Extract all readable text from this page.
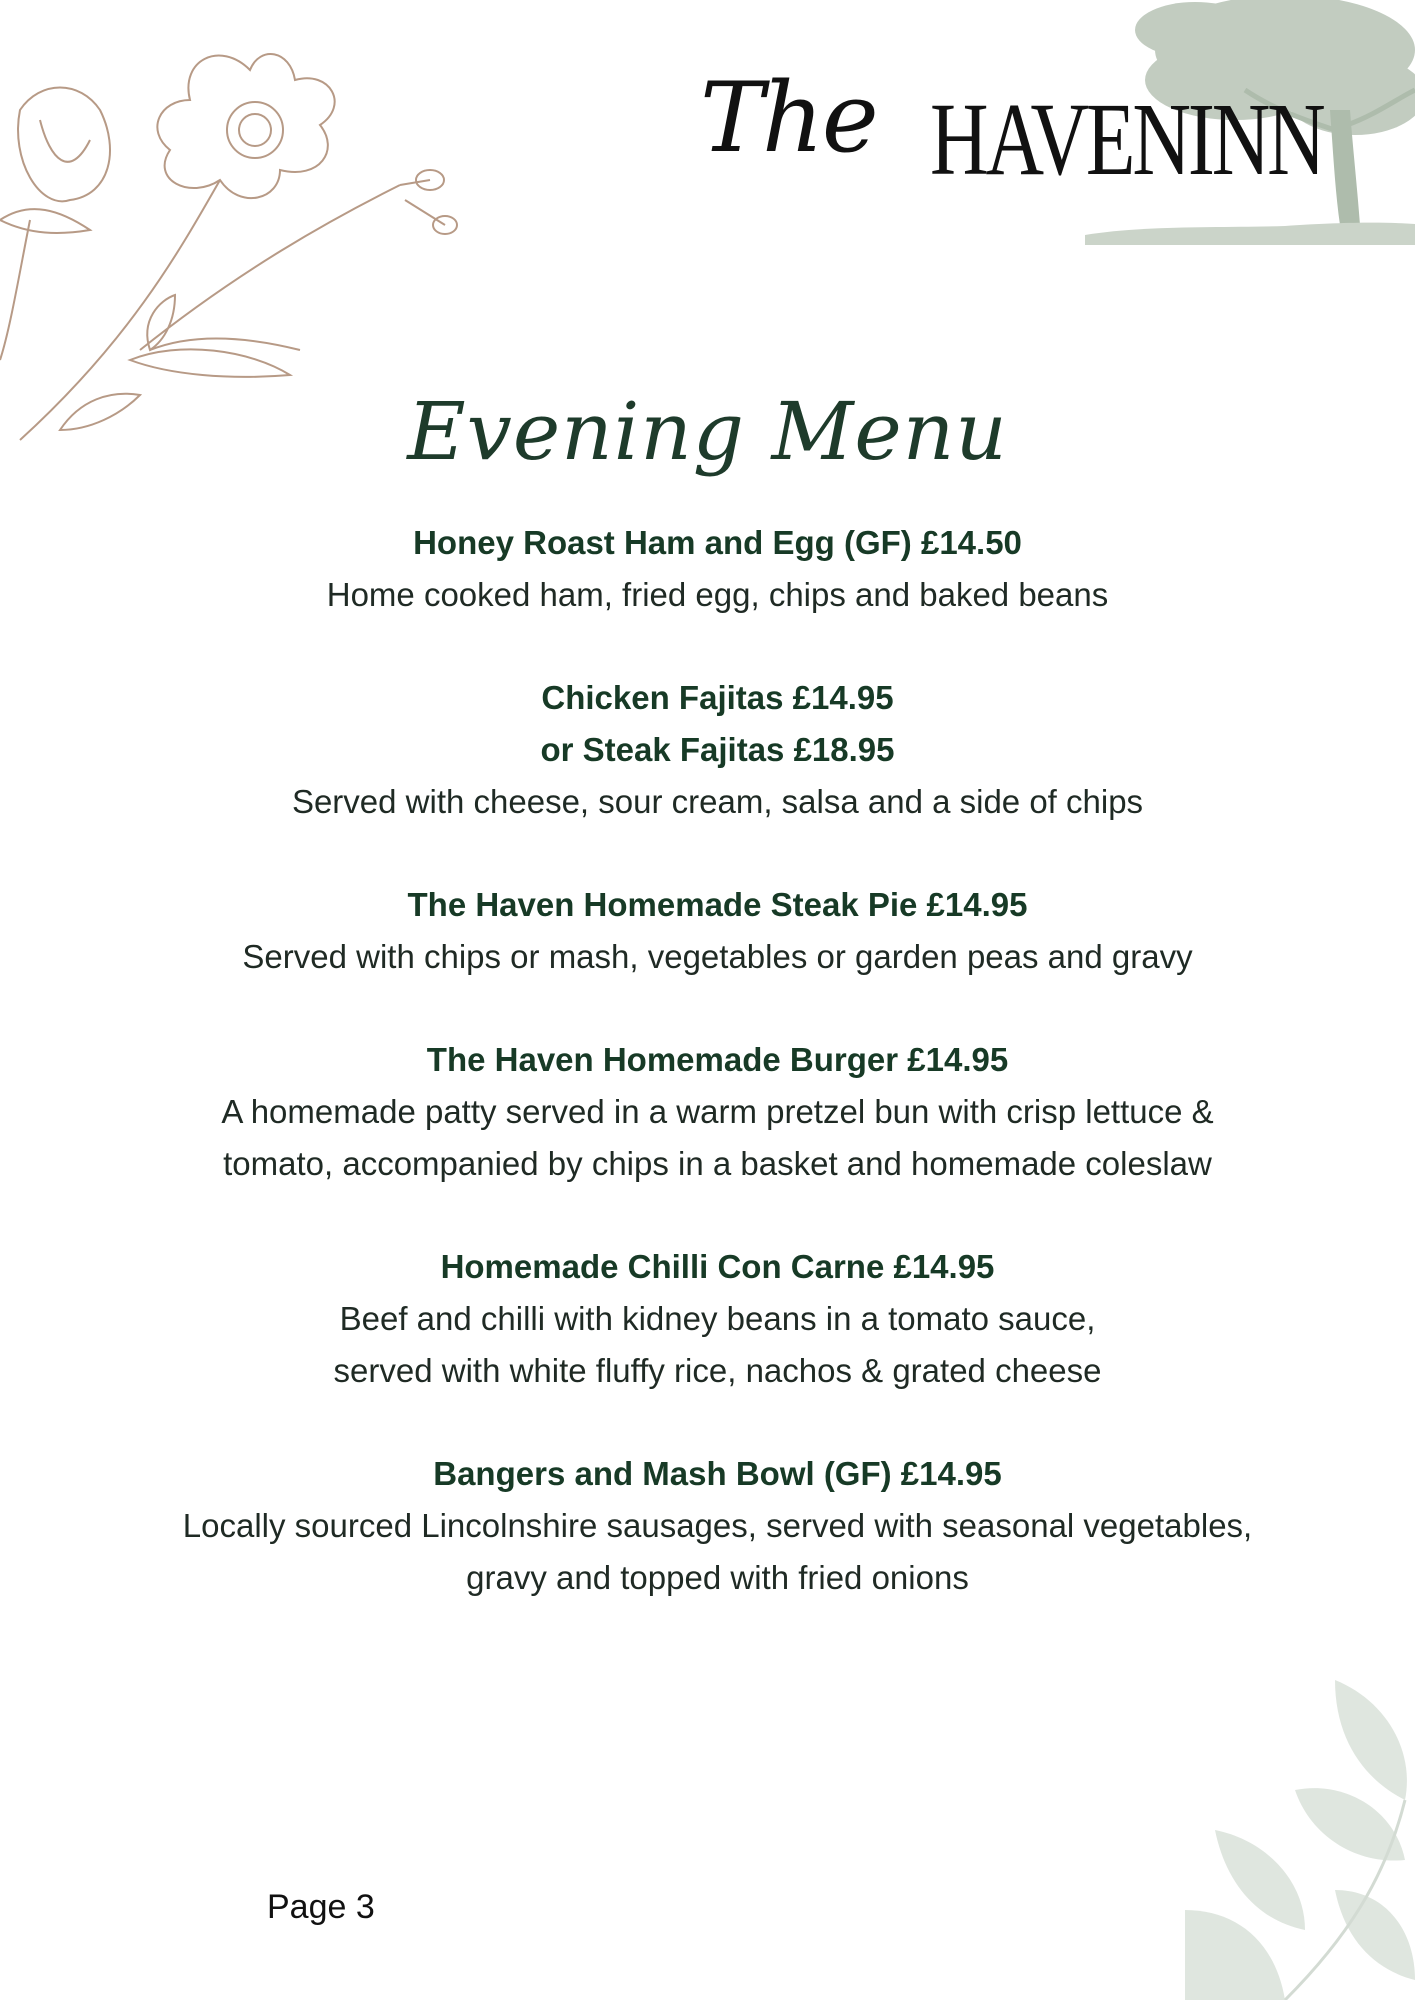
The HAVENINN
Evening Menu
Honey Roast Ham and Egg (GF) £14.50
Home cooked ham, fried egg, chips and baked beans
Chicken Fajitas £14.95
or Steak Fajitas £18.95
Served with cheese, sour cream, salsa and a side of chips
The Haven Homemade Steak Pie £14.95
Served with chips or mash, vegetables or garden peas and gravy
The Haven Homemade Burger £14.95
A homemade patty served in a warm pretzel bun with crisp lettuce &
tomato, accompanied by chips in a basket and homemade coleslaw
Homemade Chilli Con Carne £14.95
Beef and chilli with kidney beans in a tomato sauce,
served with white fluffy rice, nachos & grated cheese
Bangers and Mash Bowl (GF) £14.95
Locally sourced Lincolnshire sausages, served with seasonal vegetables,
gravy and topped with fried onions
Page 3
